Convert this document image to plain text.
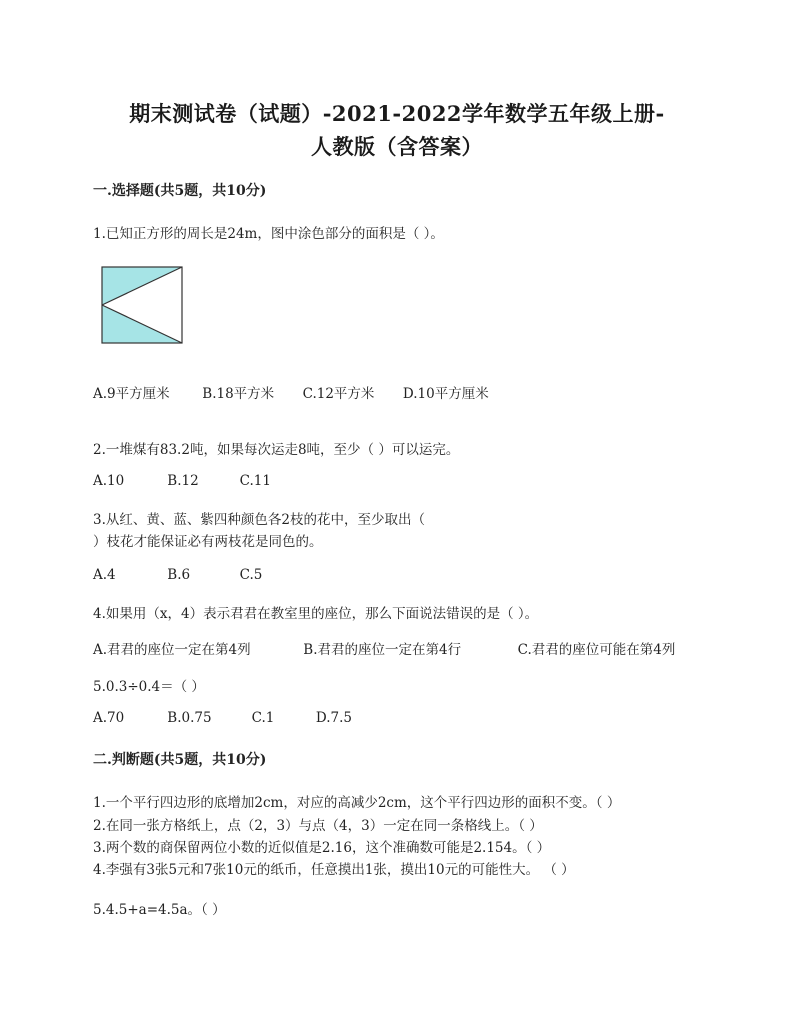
期末测试卷（试题）-2021-2022学年数学五年级上册-
人教版（含答案）
一.选择题(共5题，共10分)
1.已知正方形的周长是24m，图中涂色部分的面积是（ ）。
A.9平方厘米 B.18平方米 C.12平方米 D.10平方厘米
2.一堆煤有83.2吨，如果每次运走8吨，至少（ ）可以运完。
A.10	B.12	C.11
3.从红、黄、蓝、紫四种颜色各2枝的花中，至少取出（
）枝花才能保证必有两枝花是同色的。
A.4	B.6	C.5
4.如果用（x，4）表示君君在教室里的座位，那么下面说法错误的是（ ）。
A.君君的座位一定在第4列	B.君君的座位一定在第4行	C.君君的座位可能在第4列
5.0.3÷0.4＝（ ）
A.70	B.0.75	C.1	D.7.5
二.判断题(共5题，共10分)
1.一个平行四边形的底增加2cm，对应的高减少2cm，这个平行四边形的面积不变。（ ）
2.在同一张方格纸上，点（2，3）与点（4，3）一定在同一条格线上。（ ）
3.两个数的商保留两位小数的近似值是2.16，这个准确数可能是2.154。（ ）
4.李强有3张5元和7张10元的纸币，任意摸出1张，摸出10元的可能性大。 （ ）
5.4.5+a=4.5a。（ ）
